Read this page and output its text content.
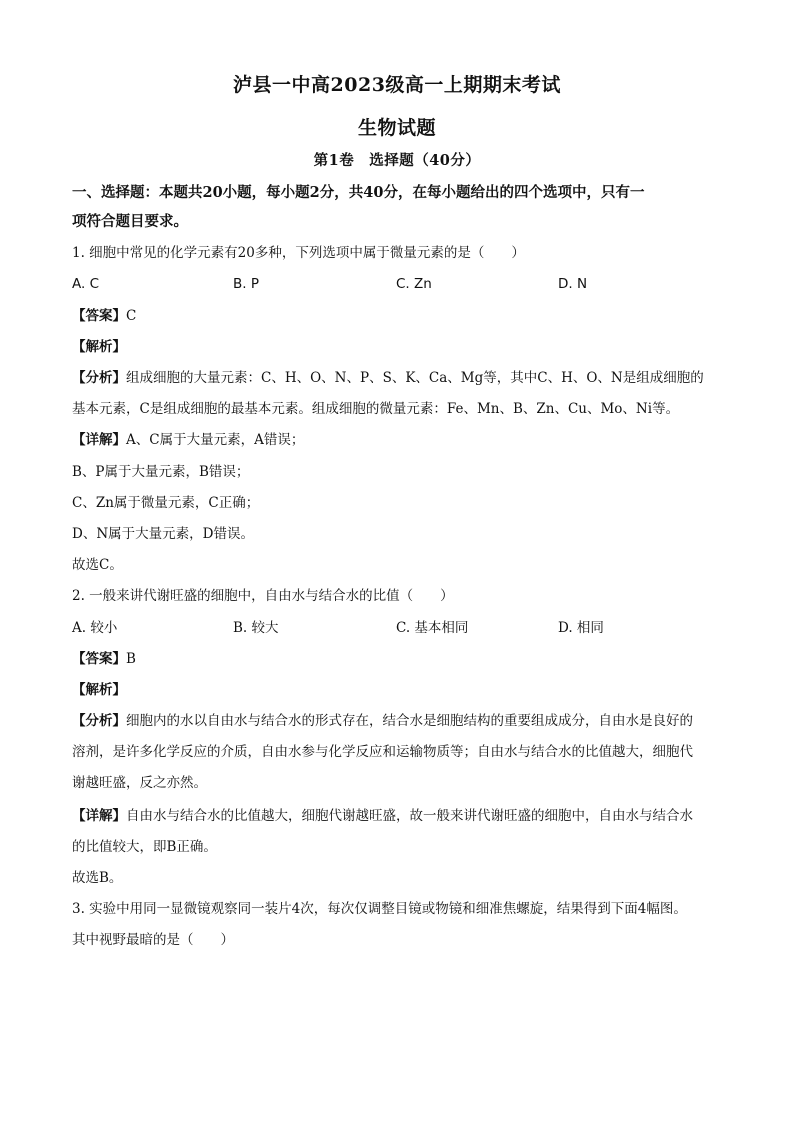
泸县一中高2023级高一上期期末考试
生物试题
第1卷　选择题（40分）
一、选择题：本题共20小题，每小题2分，共40分，在每小题给出的四个选项中，只有一
项符合题目要求。
1. 细胞中常见的化学元素有20多种，下列选项中属于微量元素的是（　　）
A. C	B. P	C. Zn	D. N
【答案】C
【解析】
【分析】组成细胞的大量元素：C、H、O、N、P、S、K、Ca、Mg等，其中C、H、O、N是组成细胞的
基本元素，C是组成细胞的最基本元素。组成细胞的微量元素：Fe、Mn、B、Zn、Cu、Mo、Ni等。
【详解】A、C属于大量元素，A错误；
B、P属于大量元素，B错误；
C、Zn属于微量元素，C正确；
D、N属于大量元素，D错误。
故选C。
2. 一般来讲代谢旺盛的细胞中，自由水与结合水的比值（　　）
A. 较小	B. 较大	C. 基本相同	D. 相同
【答案】B
【解析】
【分析】细胞内的水以自由水与结合水的形式存在，结合水是细胞结构的重要组成成分，自由水是良好的
溶剂，是许多化学反应的介质，自由水参与化学反应和运输物质等；自由水与结合水的比值越大，细胞代
谢越旺盛，反之亦然。
【详解】自由水与结合水的比值越大，细胞代谢越旺盛，故一般来讲代谢旺盛的细胞中，自由水与结合水
的比值较大，即B正确。
故选B。
3. 实验中用同一显微镜观察同一装片4次，每次仅调整目镜或物镜和细准焦螺旋，结果得到下面4幅图。
其中视野最暗的是（　　）
